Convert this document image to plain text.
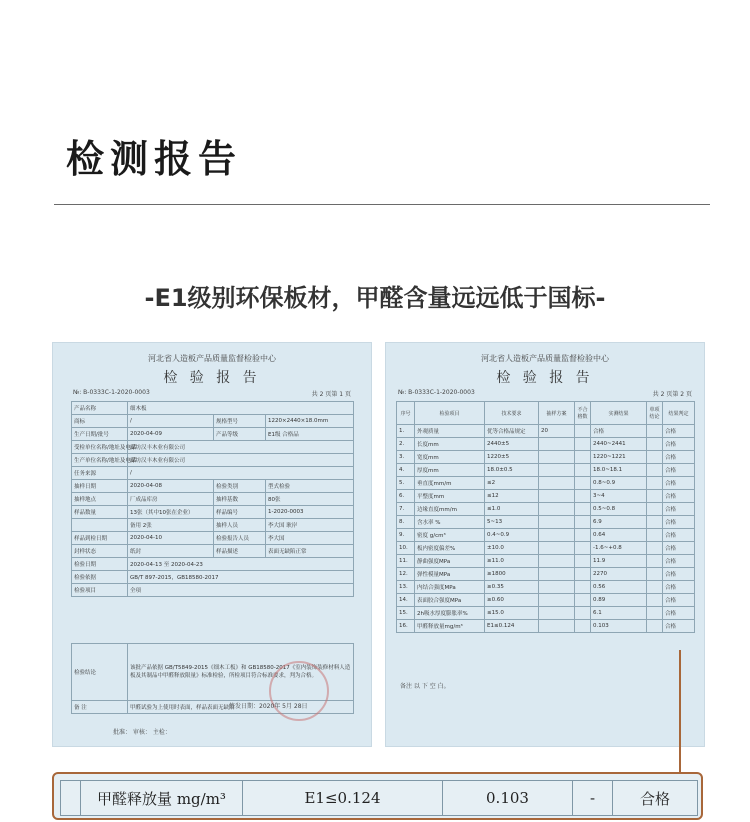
检测报告
-E1级别环保板材，甲醛含量远远低于国标-
河北省人造板产品质量监督检验中心
检 验 报 告
№: B-0333C-1-2020-0003	共 2 页第 1 页
产品名称	细木板		
商标	/	规格型号	1220×2440×18.0mm
生产日期/批号	2020-04-09	产品等级	E1级 合格品
受检单位名称/地址及电话	廊坊汉丰木业有限公司		
生产单位名称/地址及电话	廊坊汉丰木业有限公司		
任务来源	/		
抽样日期	2020-04-08	检验类别	型式检验
抽样地点	厂成品库房	抽样基数	80张
样品数量	13张（其中10张在企业）	样品编号	1-2020-0003
	备用 2张	抽样人员	李大国 耿岸
样品到检日期	2020-04-10	检验报告人员	李大国
封样状态	纸封	样品描述	表面无缺陷正常
检验日期	2020-04-13 至 2020-04-23		
检验依据	GB/T 897-2015，GB18580-2017		
检验项目	全项		
检验结论	该批产品依据 GB/T5849-2015《细木工板》和 GB18580-2017《室内装饰装修材料人造板及其制品中甲醛释放限量》标准检验，所检项目符合标准要求，判为合格。
备 注	甲醛试验为上使用时表面，样品表面无缺陷
签发日期：2020年 5月 28日
批准： 审核： 主检：
河北省人造板产品质量监督检验中心
检 验 报 告
№: B-0333C-1-2020-0003	共 2 页第 2 页
序号	检验项目	技术要求	抽样方案	不合格数	实测结果	单项结论	结果判定
1.	外观质量	优等合格品规定	20		合格		合格
2.	长度mm	2440±5			2440~2441		合格
3.	宽度mm	1220±5			1220~1221		合格
4.	厚度mm	18.0±0.5			18.0~18.1		合格
5.	垂直度mm/m	≤2			0.8~0.9		合格
6.	平整度mm	≤12			3~4		合格
7.	边缘直度mm/m	≤1.0			0.5~0.8		合格
8.	含水率 %	5~13			6.9		合格
9.	密度 g/cm³	0.4~0.9			0.64		合格
10.	板内密度偏差%	±10.0			-1.6~+0.8		合格
11.	静曲强度MPa	≥11.0			11.9		合格
12.	弹性模量MPa	≥1800			2270		合格
13.	内结合强度MPa	≥0.35			0.56		合格
14.	表面胶合强度MPa	≥0.60			0.89		合格
15.	2h吸水厚度膨胀率%	≤15.0			6.1		合格
16.	甲醛释放量mg/m³	E1≤0.124			0.103		合格
备注 以 下 空 白。
	甲醛释放量 mg/m³	E1≤0.124	0.103	-	合格
